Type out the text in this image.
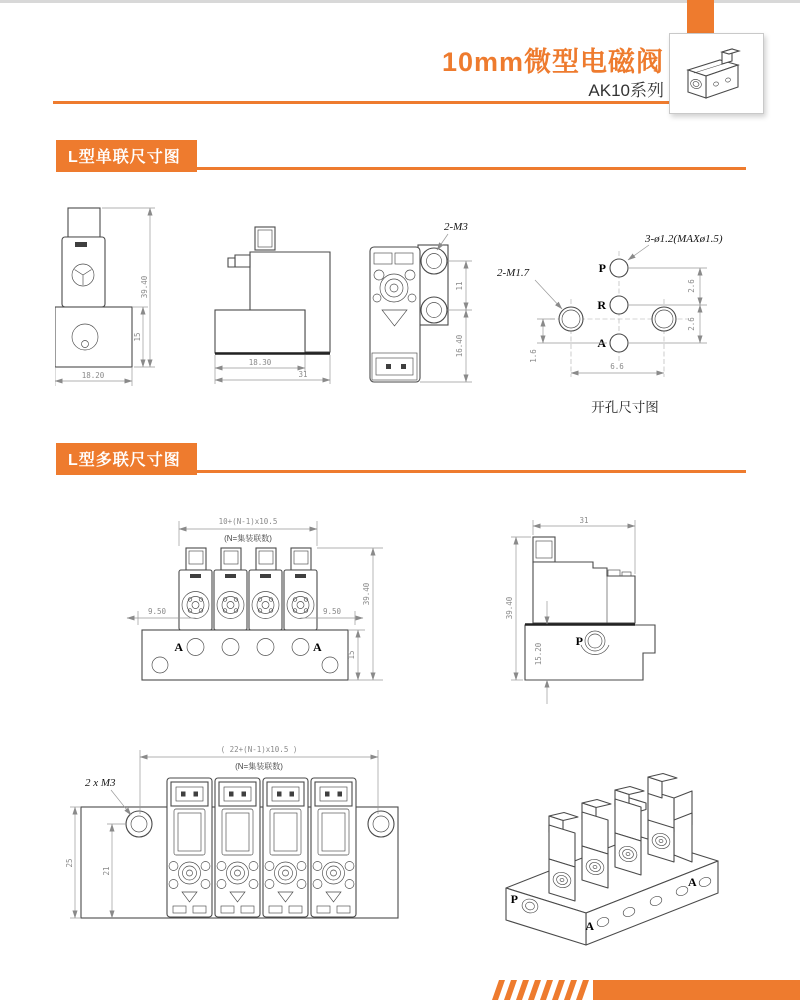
10mm微型电磁阀
AK10系列
L型单联尺寸图
L型多联尺寸图
39.40
15
18.20
18.30
31
2-M3
11
16.40
P
R
A
3-ø1.2(MAXø1.5)
2-M1.7
2.6
2.6
1.6
6.6
开孔尺寸图
A	A
10+(N-1)x10.5
(N=集装联数)
9.50	9.50
39.40
15
P
31
39.40
15.20
( 22+(N-1)x10.5 )
(N=集装联数)
2 x M3
25
21
P
A
A
